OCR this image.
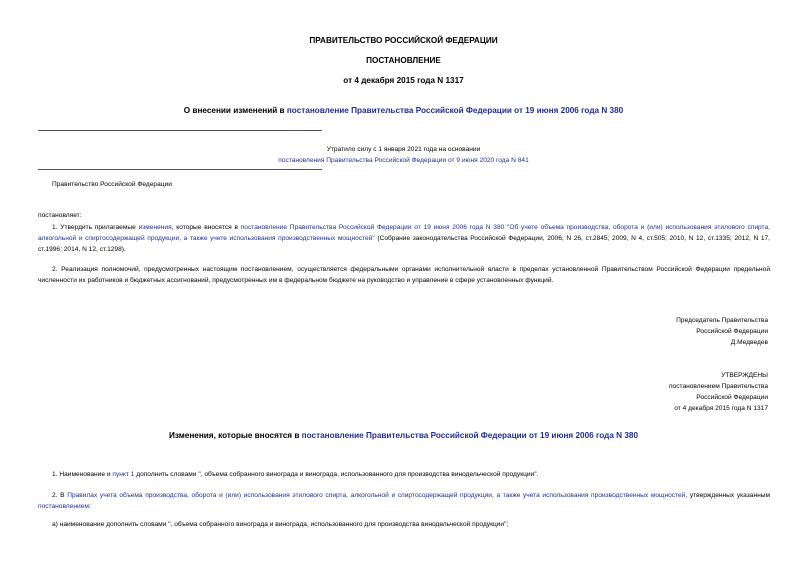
ПРАВИТЕЛЬСТВО РОССИЙСКОЙ ФЕДЕРАЦИИ
ПОСТАНОВЛЕНИЕ
от 4 декабря 2015 года N 1317
О внесении изменений в постановление Правительства Российской Федерации от 19 июня 2006 года N 380
Утратило силу с 1 января 2021 года на основании
постановления Правительства Российской Федерации от 9 июня 2020 года N 841
Правительство Российской Федерации
постановляет:
1. Утвердить прилагаемые изменения, которые вносятся в постановление Правительства Российской Федерации от 19 июня 2006 года N 380 "Об учете объема производства, оборота и (или) использования этилового спирта, алкогольной и спиртосодержащей продукции, а также учете использования производственных мощностей" (Собрание законодательства Российской Федерации, 2006, N 26, ст.2845; 2009, N 4, ст.505; 2010, N 12, ст.1335; 2012, N 17, ст.1996; 2014, N 12, ст.1298).
2. Реализация полномочий, предусмотренных настоящим постановлением, осуществляется федеральными органами исполнительной власти в пределах установленной Правительством Российской Федерации предельной численности их работников и бюджетных ассигнований, предусмотренных им в федеральном бюджете на руководство и управление в сфере установленных функций.
Председатель Правительства
Российской Федерации
Д.Медведев
УТВЕРЖДЕНЫ
постановлением Правительства
Российской Федерации
от 4 декабря 2015 года N 1317
Изменения, которые вносятся в постановление Правительства Российской Федерации от 19 июня 2006 года N 380
1. Наименование и пункт 1 дополнить словами ", объема собранного винограда и винограда, использованного для производства винодельческой продукции".
2. В Правилах учета объема производства, оборота и (или) использования этилового спирта, алкогольной и спиртосодержащей продукции, а также учета использования производственных мощностей, утвержденных указанным постановлением:
а) наименование дополнить словами ", объема собранного винограда и винограда, использованного для производства винодельческой продукции";
